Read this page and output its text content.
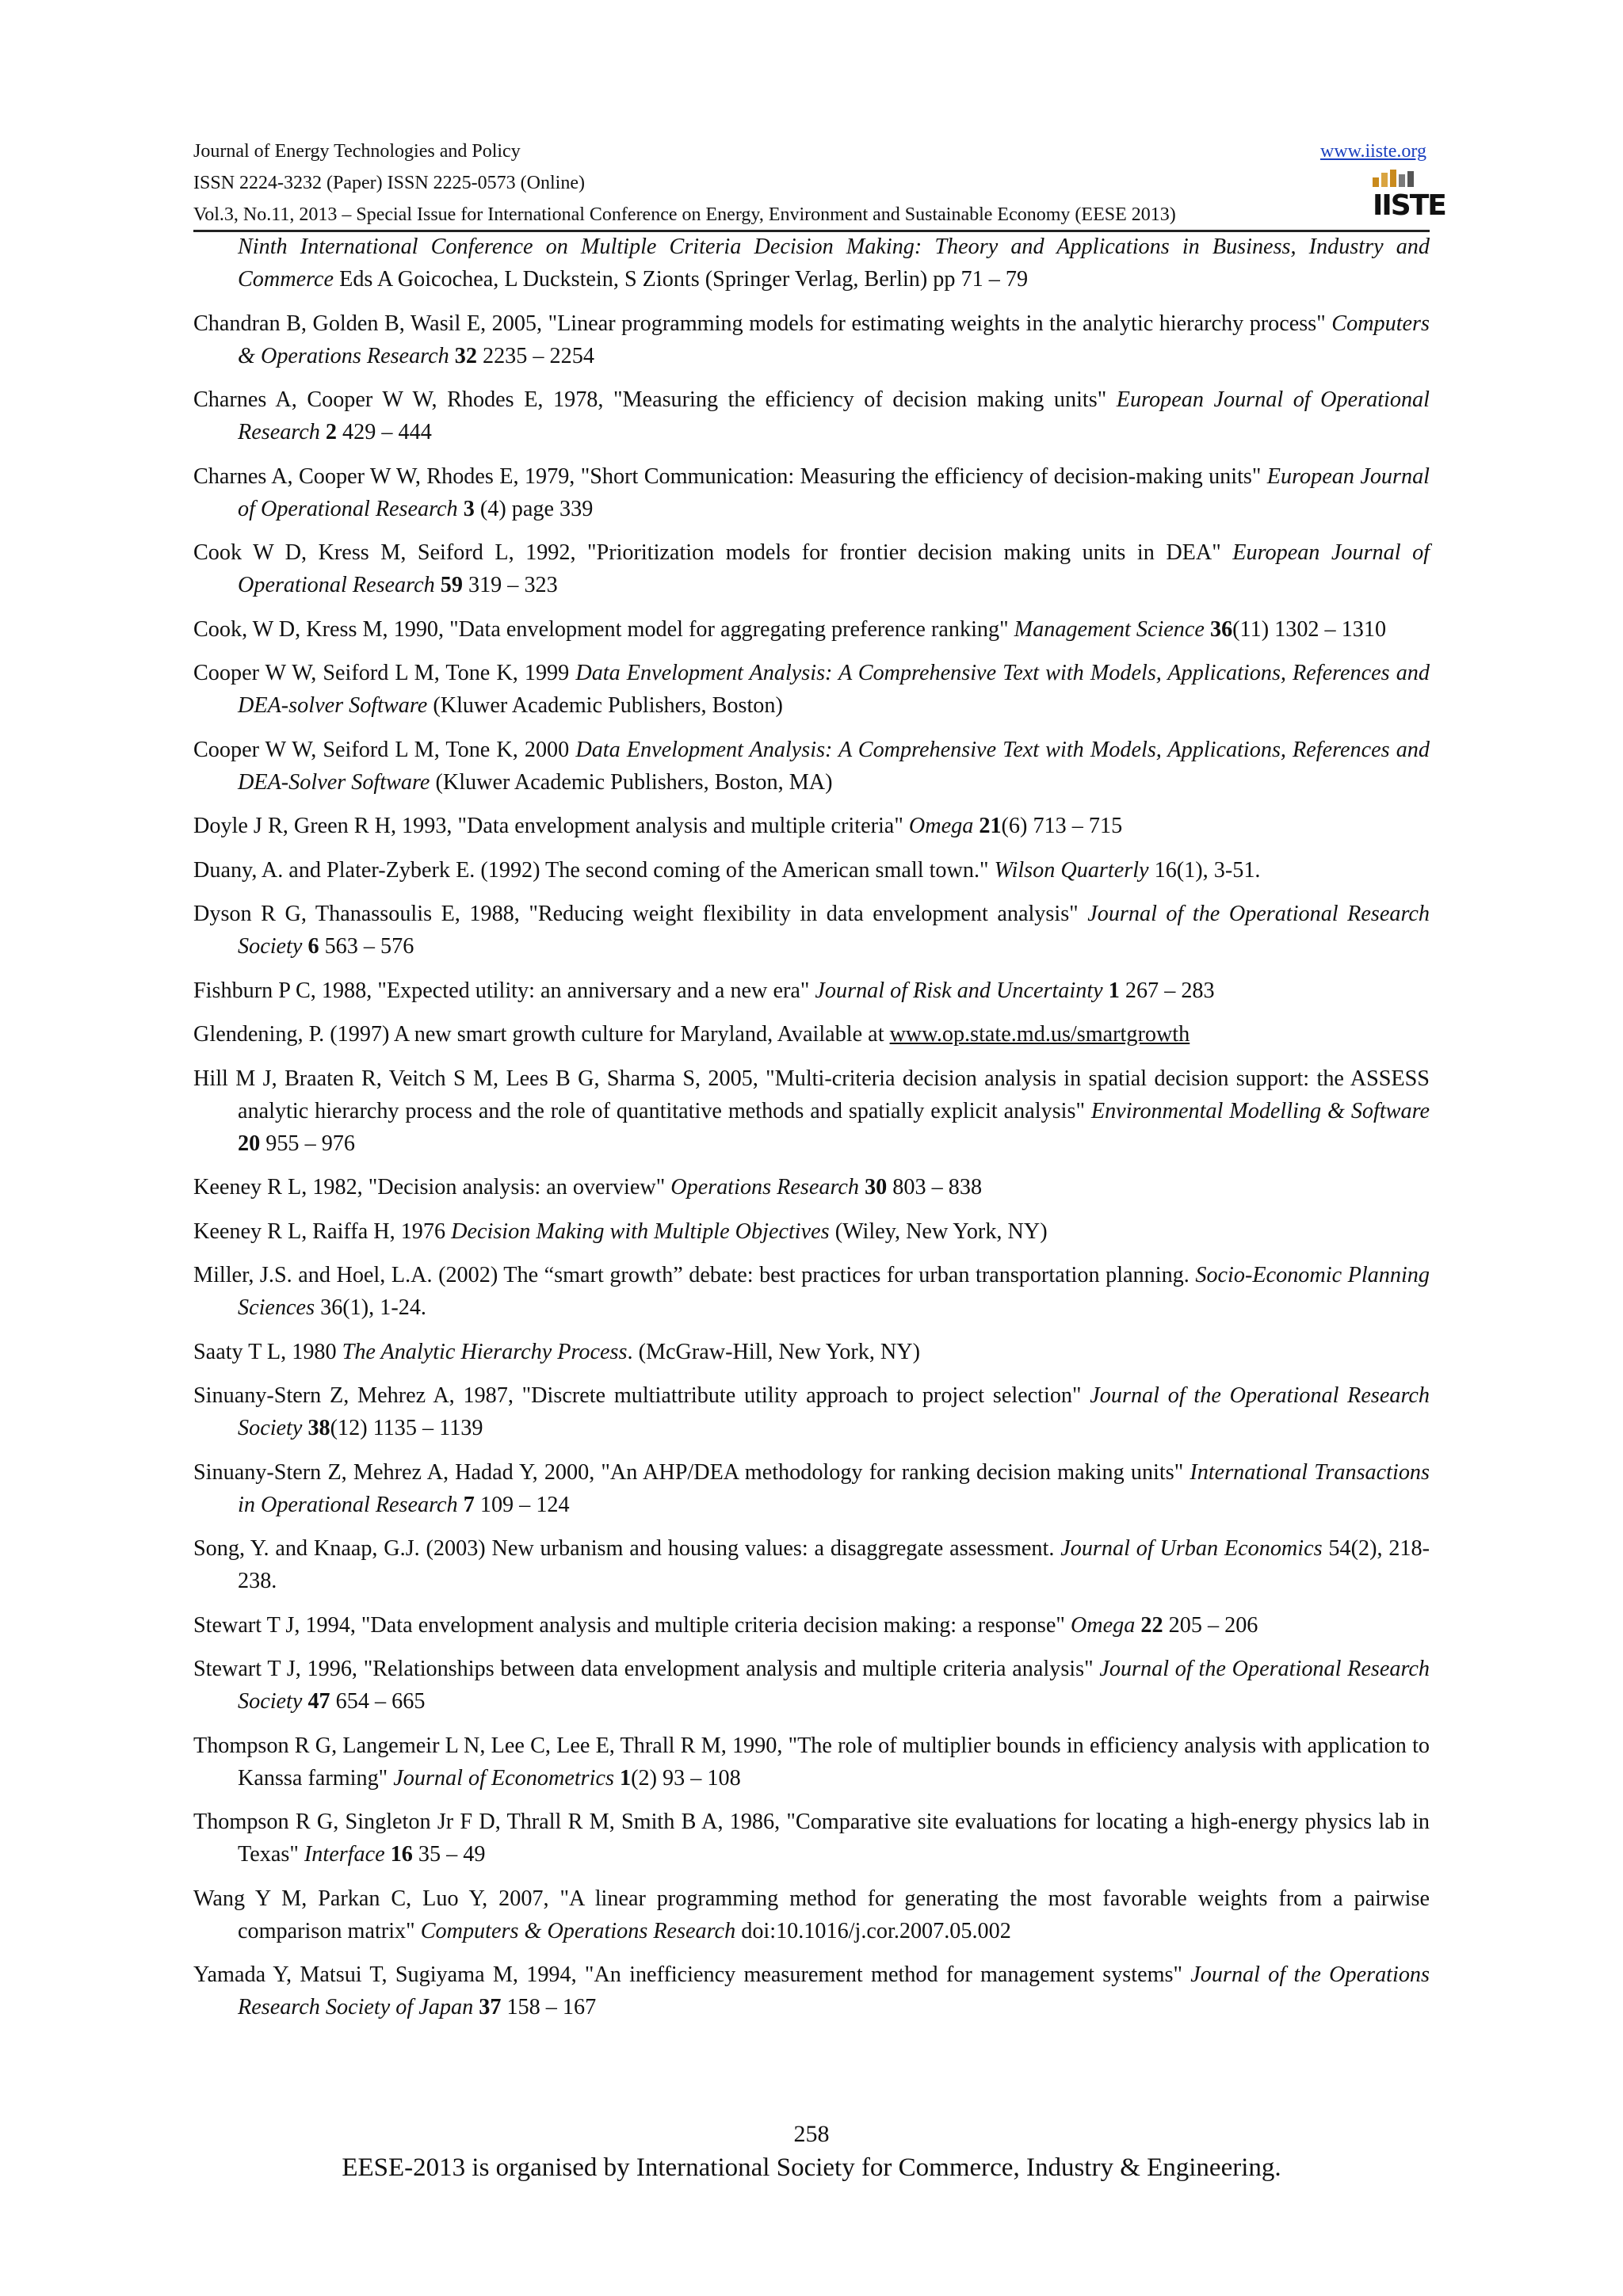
Journal of Energy Technologies and Policy	www.iiste.org
ISSN 2224-3232 (Paper) ISSN 2225-0573 (Online)
Vol.3, No.11, 2013 – Special Issue for International Conference on Energy, Environment and Sustainable Economy (EESE 2013)	IISTE

Ninth International Conference on Multiple Criteria Decision Making: Theory and Applications in Business, Industry and Commerce Eds A Goicochea, L Duckstein, S Zionts (Springer Verlag, Berlin) pp 71 – 79

Chandran B, Golden B, Wasil E, 2005, "Linear programming models for estimating weights in the analytic hierarchy process" Computers & Operations Research 32 2235 – 2254

Charnes A, Cooper W W, Rhodes E, 1978, "Measuring the efficiency of decision making units" European Journal of Operational Research 2 429 – 444

Charnes A, Cooper W W, Rhodes E, 1979, "Short Communication: Measuring the efficiency of decision-making units" European Journal of Operational Research 3 (4) page 339

Cook W D, Kress M, Seiford L, 1992, "Prioritization models for frontier decision making units in DEA" European Journal of Operational Research 59 319 – 323

Cook, W D, Kress M, 1990, "Data envelopment model for aggregating preference ranking" Management Science 36(11) 1302 – 1310

Cooper W W, Seiford L M, Tone K, 1999 Data Envelopment Analysis: A Comprehensive Text with Models, Applications, References and DEA-solver Software (Kluwer Academic Publishers, Boston)

Cooper W W, Seiford L M, Tone K, 2000 Data Envelopment Analysis: A Comprehensive Text with Models, Applications, References and DEA-Solver Software (Kluwer Academic Publishers, Boston, MA)

Doyle J R, Green R H, 1993, "Data envelopment analysis and multiple criteria" Omega 21(6) 713 – 715

Duany, A. and Plater-Zyberk E. (1992) The second coming of the American small town." Wilson Quarterly 16(1), 3-51.

Dyson R G, Thanassoulis E, 1988, "Reducing weight flexibility in data envelopment analysis" Journal of the Operational Research Society 6 563 – 576

Fishburn P C, 1988, "Expected utility: an anniversary and a new era" Journal of Risk and Uncertainty 1 267 – 283

Glendening, P. (1997) A new smart growth culture for Maryland, Available at www.op.state.md.us/smartgrowth

Hill M J, Braaten R, Veitch S M, Lees B G, Sharma S, 2005, "Multi-criteria decision analysis in spatial decision support: the ASSESS analytic hierarchy process and the role of quantitative methods and spatially explicit analysis" Environmental Modelling & Software 20 955 – 976

Keeney R L, 1982, "Decision analysis: an overview" Operations Research 30 803 – 838

Keeney R L, Raiffa H, 1976 Decision Making with Multiple Objectives (Wiley, New York, NY)

Miller, J.S. and Hoel, L.A. (2002) The “smart growth” debate: best practices for urban transportation planning. Socio-Economic Planning Sciences 36(1), 1-24.

Saaty T L, 1980 The Analytic Hierarchy Process. (McGraw-Hill, New York, NY)

Sinuany-Stern Z, Mehrez A, 1987, "Discrete multiattribute utility approach to project selection" Journal of the Operational Research Society 38(12) 1135 – 1139

Sinuany-Stern Z, Mehrez A, Hadad Y, 2000, "An AHP/DEA methodology for ranking decision making units" International Transactions in Operational Research 7 109 – 124

Song, Y. and Knaap, G.J. (2003) New urbanism and housing values: a disaggregate assessment. Journal of Urban Economics 54(2), 218-238.

Stewart T J, 1994, "Data envelopment analysis and multiple criteria decision making: a response" Omega 22 205 – 206

Stewart T J, 1996, "Relationships between data envelopment analysis and multiple criteria analysis" Journal of the Operational Research Society 47 654 – 665

Thompson R G, Langemeir L N, Lee C, Lee E, Thrall R M, 1990, "The role of multiplier bounds in efficiency analysis with application to Kanssa farming" Journal of Econometrics 1(2) 93 – 108

Thompson R G, Singleton Jr F D, Thrall R M, Smith B A, 1986, "Comparative site evaluations for locating a high-energy physics lab in Texas" Interface 16 35 – 49

Wang Y M, Parkan C, Luo Y, 2007, "A linear programming method for generating the most favorable weights from a pairwise comparison matrix" Computers & Operations Research doi:10.1016/j.cor.2007.05.002

Yamada Y, Matsui T, Sugiyama M, 1994, "An inefficiency measurement method for management systems" Journal of the Operations Research Society of Japan 37 158 – 167

258
EESE-2013 is organised by International Society for Commerce, Industry & Engineering.
